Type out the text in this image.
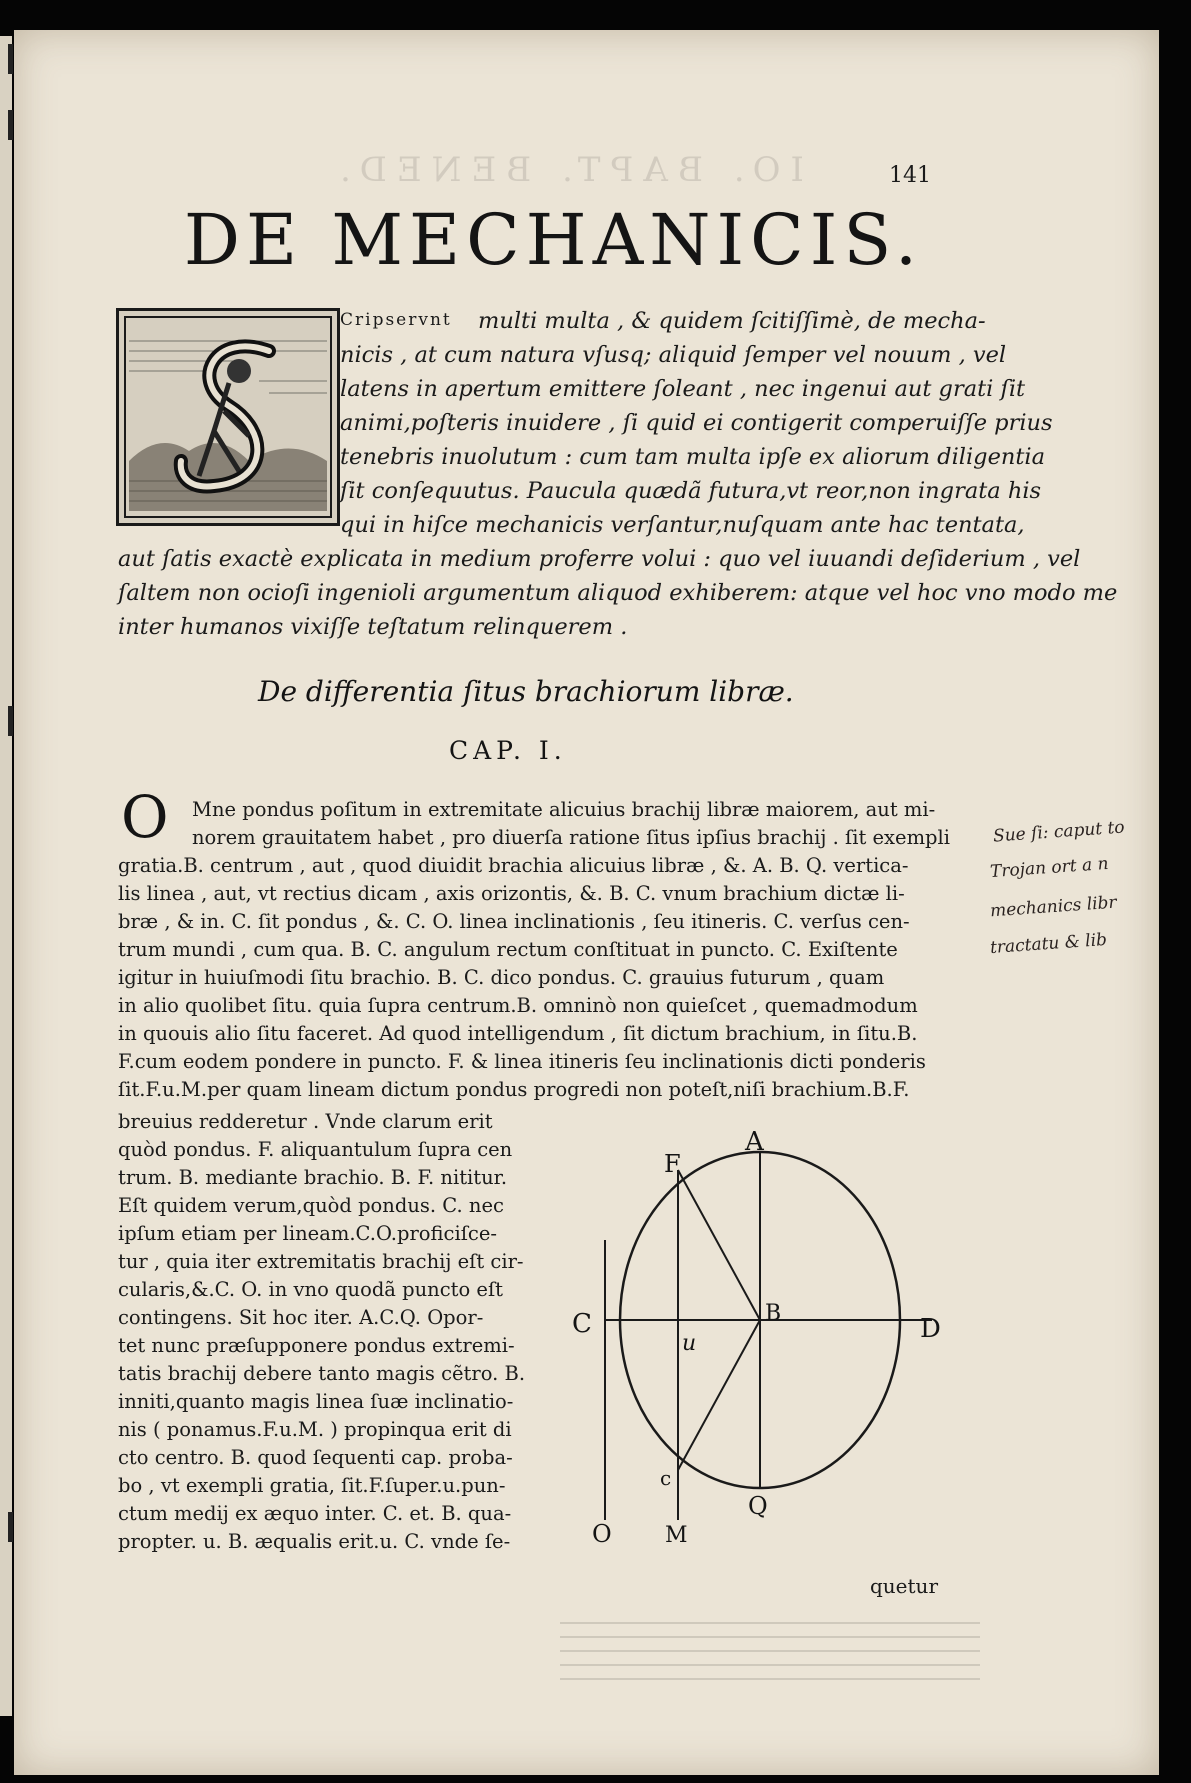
IO. BAPT. BENED.	141
DE MECHANICIS.
Cripservnt multi multa , & quidem ſcitiſſimè, de mecha-
nicis , at cum natura vſusq; aliquid ſemper vel nouum , vel
latens in apertum emittere ſoleant , nec ingenui aut grati ſit
animi,poſteris inuidere , ſi quid ei contigerit comperuiſſe prius
tenebris inuolutum : cum tam multa ipſe ex aliorum diligentia
ſit conſequutus. Paucula quædã futura,vt reor,non ingrata his
qui in hiſce mechanicis verſantur,nuſquam ante hac tentata,
aut ſatis exactè explicata in medium proferre volui : quo vel iuuandi deſiderium , vel
ſaltem non ocioſi ingenioli argumentum aliquod exhiberem: atque vel hoc vno modo me
inter humanos vixiſſe teſtatum relinquerem .
De differentia ſitus brachiorum libræ.
CAP. I.
O Mne pondus poſitum in extremitate alicuius brachij libræ maiorem, aut mi-
norem grauitatem habet , pro diuerſa ratione ſitus ipſius brachij . ſit exempli
gratia.B. centrum , aut , quod diuidit brachia alicuius libræ , &. A. B. Q. vertica-
lis linea , aut, vt rectius dicam , axis orizontis, &. B. C. vnum brachium dictæ li-
bræ , & in. C. ſit pondus , &. C. O. linea inclinationis , ſeu itineris. C. verſus cen-
trum mundi , cum qua. B. C. angulum rectum conſtituat in puncto. C. Exiſtente
igitur in huiuſmodi ſitu brachio. B. C. dico pondus. C. grauius futurum , quam
in alio quolibet ſitu. quia ſupra centrum.B. omninò non quieſcet , quemadmodum
in quouis alio ſitu faceret. Ad quod intelligendum , ſit dictum brachium, in ſitu.B.
F.cum eodem pondere in puncto. F. & linea itineris ſeu inclinationis dicti ponderis
ſit.F.u.M.per quam lineam dictum pondus progredi non poteſt,niſi brachium.B.F.
breuius redderetur . Vnde clarum erit
quòd pondus. F. aliquantulum ſupra cen
trum. B. mediante brachio. B. F. nititur.
Eſt quidem verum,quòd pondus. C. nec
ipſum etiam per lineam.C.O.proficiſce-
tur , quia iter extremitatis brachij eſt cir-
cularis,&.C. O. in vno quodã puncto eſt
contingens. Sit hoc iter. A.C.Q. Opor-
tet nunc præſupponere pondus extremi-
tatis brachij debere tanto magis cẽtro. B.
inniti,quanto magis linea ſuæ inclinatio-
nis ( ponamus.F.u.M. ) propinqua erit di
cto centro. B. quod ſequenti cap. proba-
bo , vt exempli gratia, ſit.F.ſuper.u.pun-
ctum medij ex æquo inter. C. et. B. qua-
propter. u. B. æqualis erit.u. C. vnde ſe-
A
F
B
C	D
u
c
Q
O M
quetur
Sue ſi: caput to
Trojan ort a n
mechanics libr
tractatu & lib
